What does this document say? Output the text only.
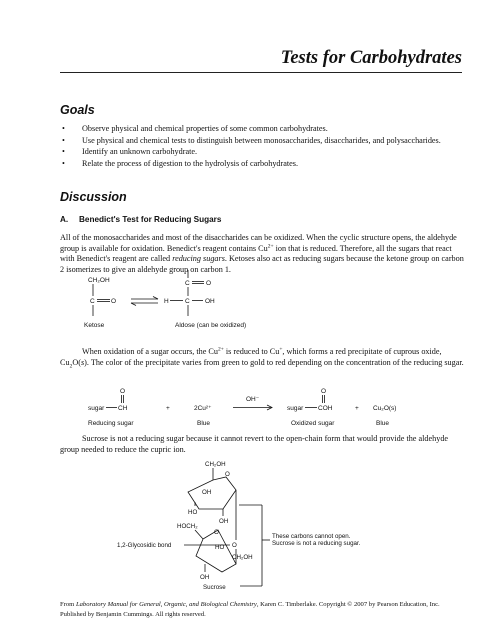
Tests for Carbohydrates
Goals
• Observe physical and chemical properties of some common carbohydrates.
• Use physical and chemical tests to distinguish between monosaccharides, disaccharides, and polysaccharides.
• Identify an unknown carbohydrate.
• Relate the process of digestion to the hydrolysis of carbohydrates.
Discussion
A. Benedict's Test for Reducing Sugars

All of the monosaccharides and most of the disaccharides can be oxidized. When the cyclic structure opens, the aldehyde group is available for oxidation. Benedict's reagent contains $Cu^{2+}$ ion that is reduced. Therefore, all the sugars that react with Benedict's reagent are called reducing sugars. Ketoses also act as reducing sugars because the ketone group on carbon 2 isomerizes to give an aldehyde group on carbon 1.

CH₂OH
C	O
Ketose
C	O
H	C OH
Aldose (can be oxidized)

When oxidation of a sugar occurs, the $Cu^{2+}$ is reduced to Cu+, which forms a red precipitate of cuprous oxide, $Cu_2O(s)$. The color of the precipitate varies from green to gold to red depending on the concentration of the reducing sugar.

O
sugar CH	+	2Cu²⁺
OH⁻
O
sugar COH	+ Cu₂O(s)
Reducing sugar	Blue	Oxidized sugar	Blue

Sucrose is not a reducing sugar because it cannot revert to the open-chain form that would provide the aldehyde group needed to reduce the cupric ion.

CH₂OH
O
OH
HO
OH
O
1,2-Glycosidic bond
These carbons cannot open.
Sucrose is not a reducing sugar.
HOCH₂
O
HO
CH₂OH
OH
Sucrose
From Laboratory Manual for General, Organic, and Biological Chemistry, Karen C. Timberlake. Copyright © 2007 by Pearson Education, Inc. Published by Benjamin Cummings. All rights reserved.
